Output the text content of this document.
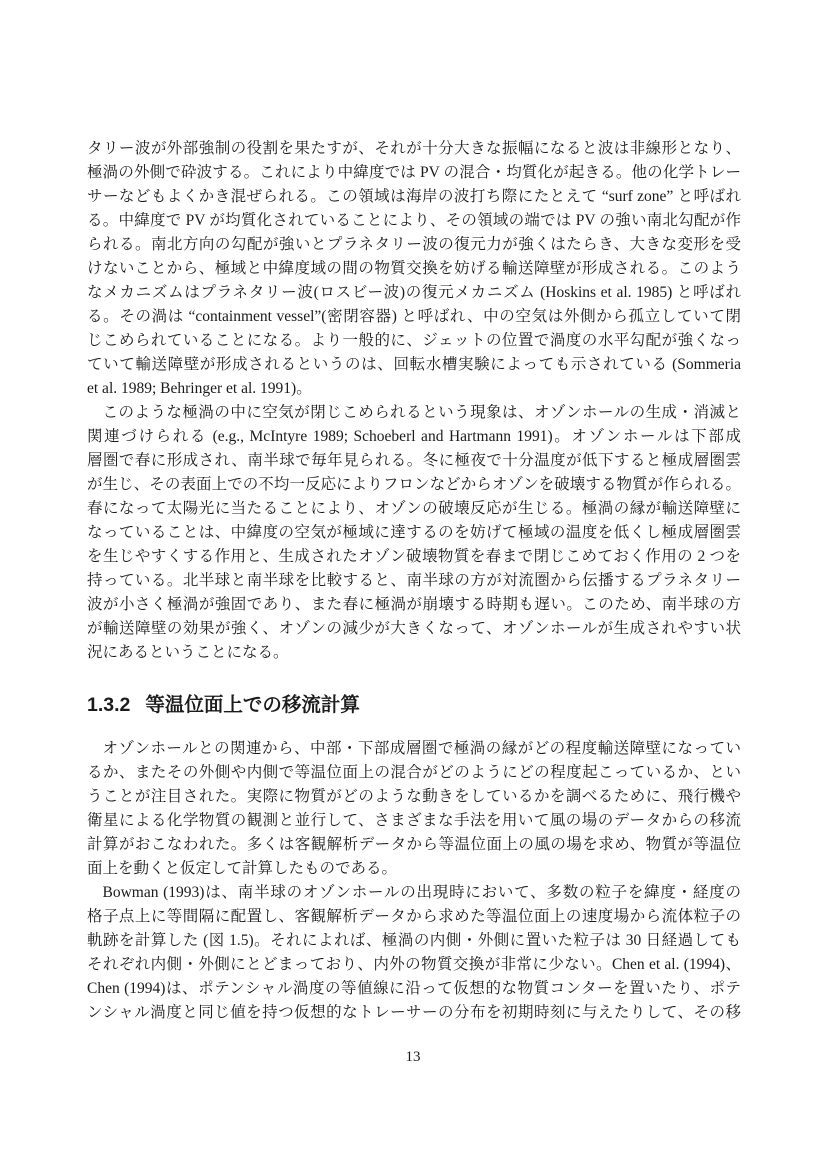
タリー波が外部強制の役割を果たすが、それが十分大きな振幅になると波は非線形となり、
極渦の外側で砕波する。これにより中緯度では PV の混合・均質化が起きる。他の化学トレー
サーなどもよくかき混ぜられる。この領域は海岸の波打ち際にたとえて “surf zone” と呼ばれ
る。中緯度で PV が均質化されていることにより、その領域の端では PV の強い南北勾配が作
られる。南北方向の勾配が強いとプラネタリー波の復元力が強くはたらき、大きな変形を受
けないことから、極域と中緯度域の間の物質交換を妨げる輸送障壁が形成される。このよう
なメカニズムはプラネタリー波(ロスビー波)の復元メカニズム (Hoskins et al. 1985) と呼ばれ
る。その渦は “containment vessel”(密閉容器) と呼ばれ、中の空気は外側から孤立していて閉
じこめられていることになる。より一般的に、ジェットの位置で渦度の水平勾配が強くなっ
ていて輸送障壁が形成されるというのは、回転水槽実験によっても示されている (Sommeria
et al. 1989; Behringer et al. 1991)。
このような極渦の中に空気が閉じこめられるという現象は、オゾンホールの生成・消滅と
関連づけられる (e.g., McIntyre 1989; Schoeberl and Hartmann 1991)。オゾンホールは下部成
層圏で春に形成され、南半球で毎年見られる。冬に極夜で十分温度が低下すると極成層圏雲
が生じ、その表面上での不均一反応によりフロンなどからオゾンを破壊する物質が作られる。
春になって太陽光に当たることにより、オゾンの破壊反応が生じる。極渦の縁が輸送障壁に
なっていることは、中緯度の空気が極域に達するのを妨げて極域の温度を低くし極成層圏雲
を生じやすくする作用と、生成されたオゾン破壊物質を春まで閉じこめておく作用の 2 つを
持っている。北半球と南半球を比較すると、南半球の方が対流圏から伝播するプラネタリー
波が小さく極渦が強固であり、また春に極渦が崩壊する時期も遅い。このため、南半球の方
が輸送障壁の効果が強く、オゾンの減少が大きくなって、オゾンホールが生成されやすい状
況にあるということになる。
1.3.2 等温位面上での移流計算
オゾンホールとの関連から、中部・下部成層圏で極渦の縁がどの程度輸送障壁になってい
るか、またその外側や内側で等温位面上の混合がどのようにどの程度起こっているか、とい
うことが注目された。実際に物質がどのような動きをしているかを調べるために、飛行機や
衛星による化学物質の観測と並行して、さまざまな手法を用いて風の場のデータからの移流
計算がおこなわれた。多くは客観解析データから等温位面上の風の場を求め、物質が等温位
面上を動くと仮定して計算したものである。
Bowman (1993)は、南半球のオゾンホールの出現時において、多数の粒子を緯度・経度の
格子点上に等間隔に配置し、客観解析データから求めた等温位面上の速度場から流体粒子の
軌跡を計算した (図 1.5)。それによれば、極渦の内側・外側に置いた粒子は 30 日経過しても
それぞれ内側・外側にとどまっており、内外の物質交換が非常に少ない。Chen et al. (1994)、
Chen (1994)は、ポテンシャル渦度の等値線に沿って仮想的な物質コンターを置いたり、ポテ
ンシャル渦度と同じ値を持つ仮想的なトレーサーの分布を初期時刻に与えたりして、その移
13
